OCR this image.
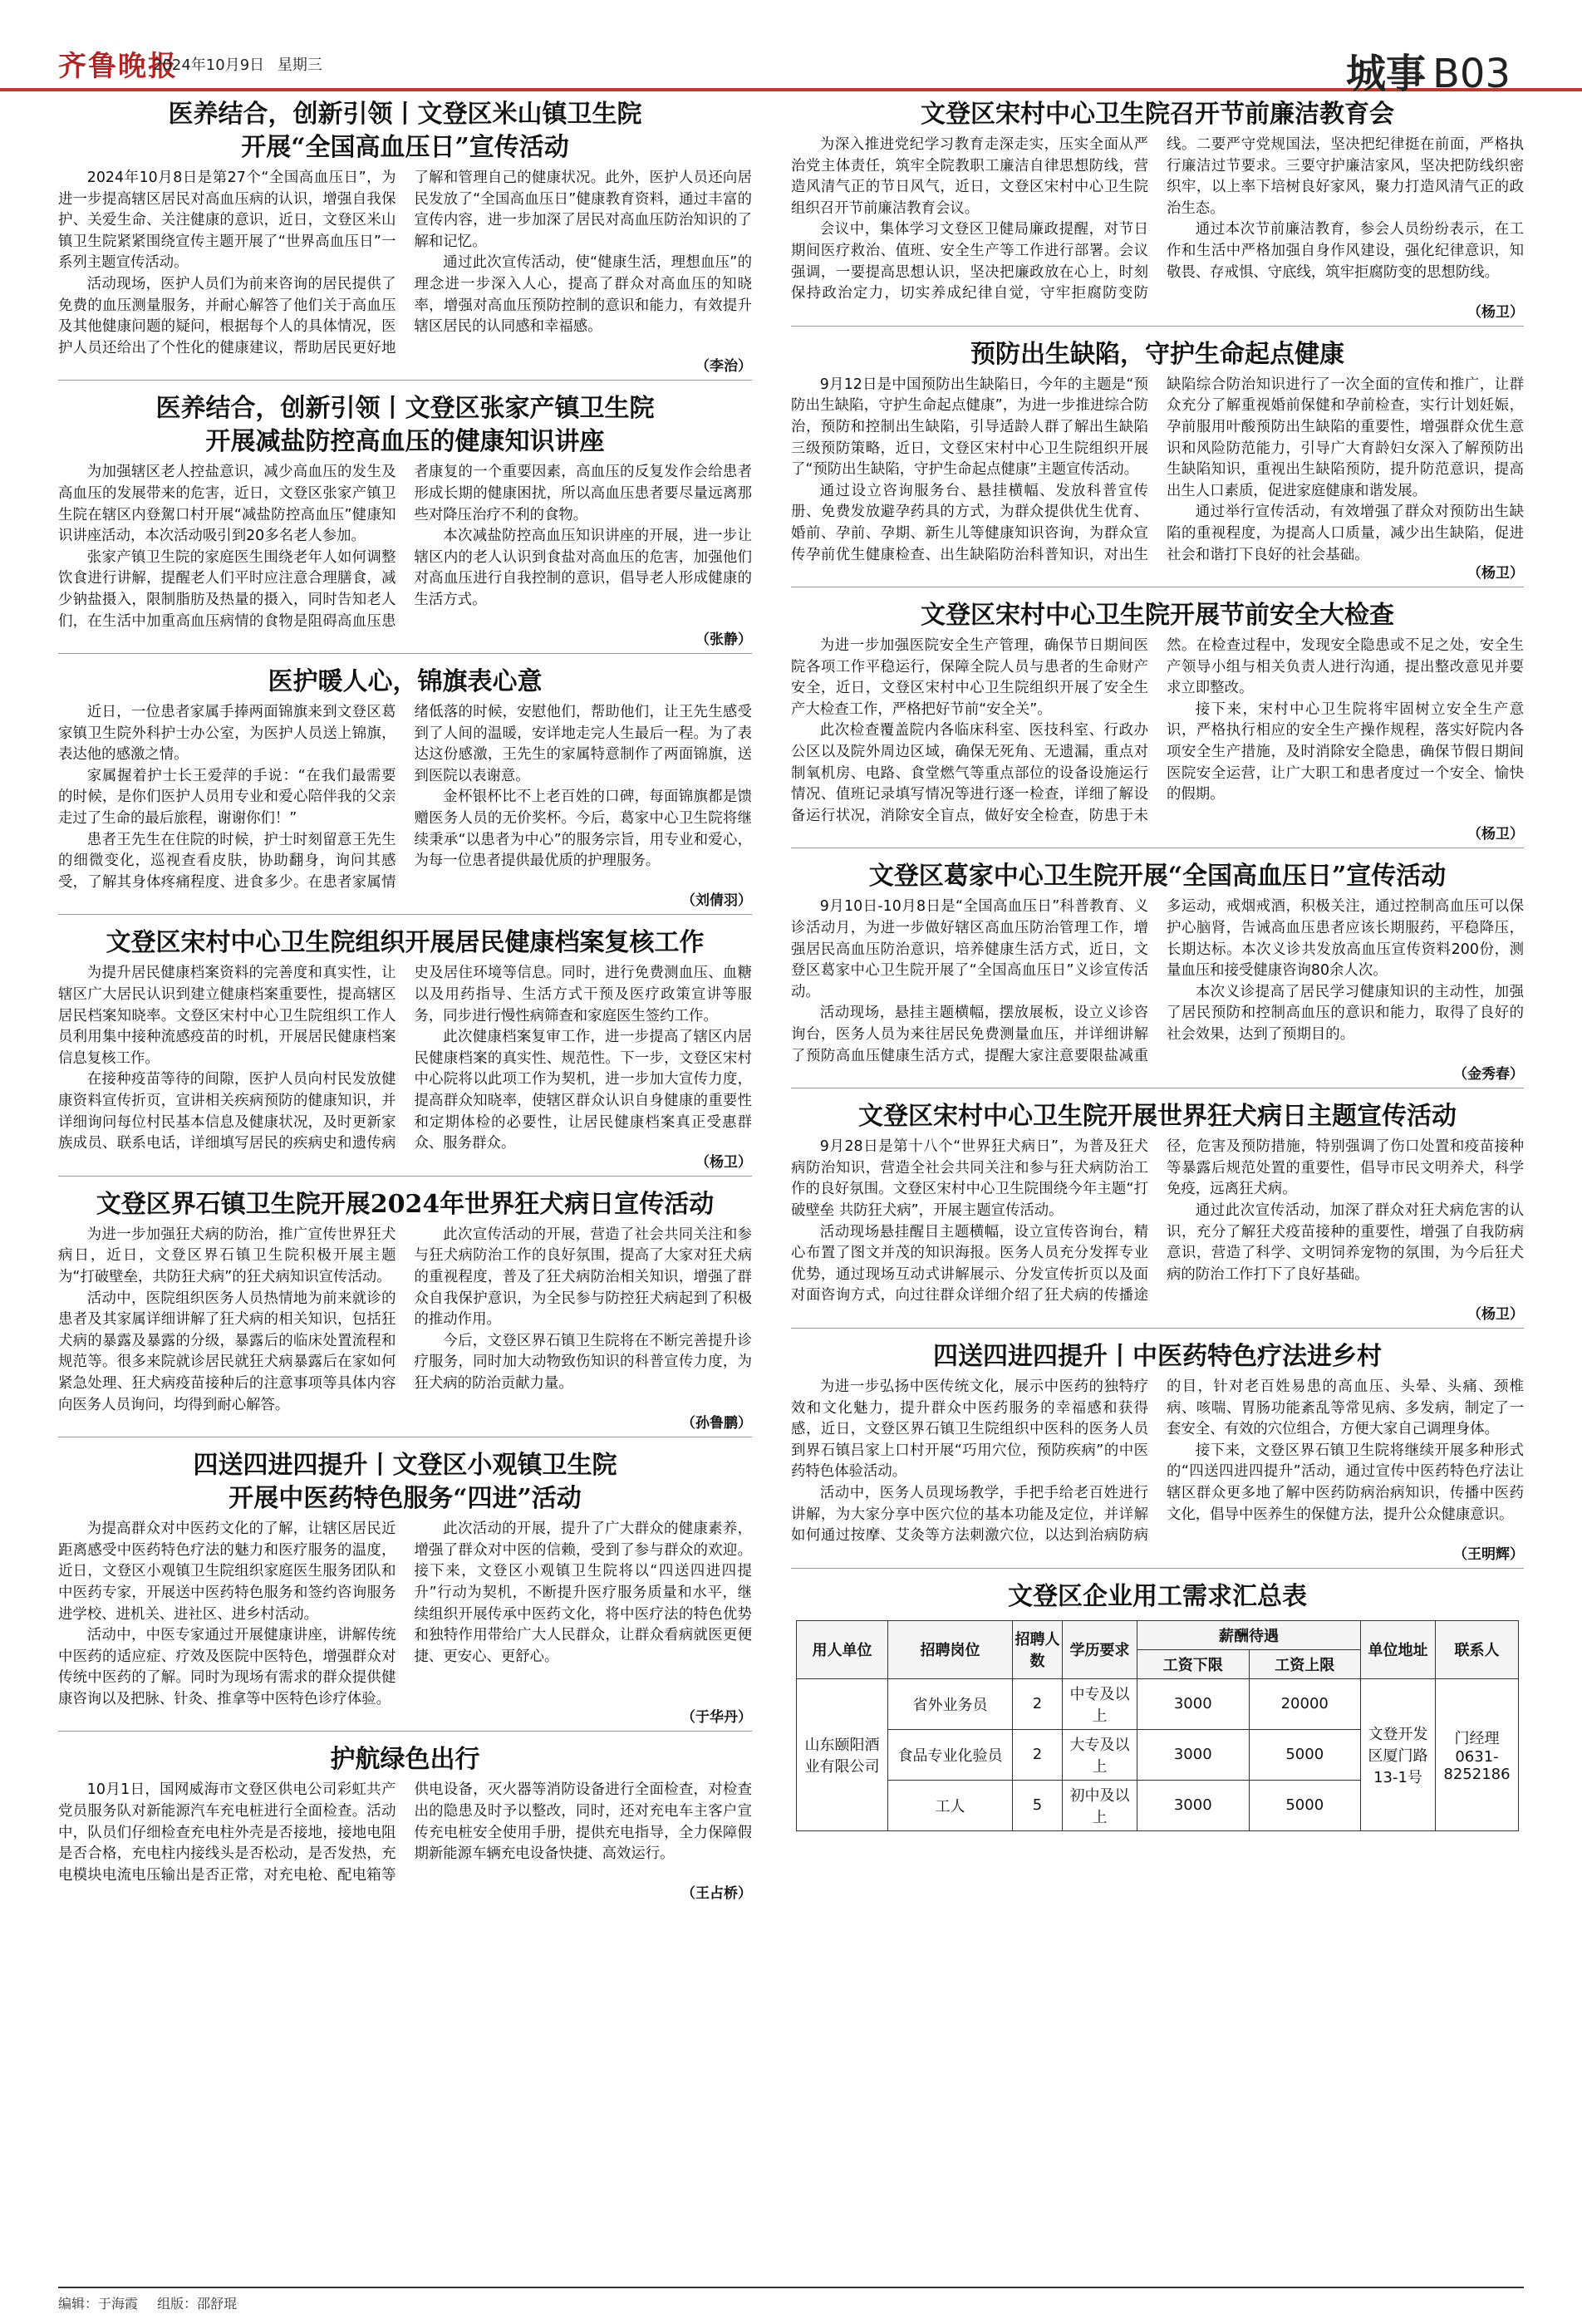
齐鲁晚报
2024年10月9日 星期三	城事 B03
医养结合，创新引领丨文登区米山镇卫生院
开展“全国高血压日”宣传活动

2024年10月8日是第27个“全国高血压日”，为进一步提高辖区居民对高血压病的认识，增强自我保护、关爱生命、关注健康的意识，近日，文登区米山镇卫生院紧紧围绕宣传主题开展了“世界高血压日”一系列主题宣传活动。

活动现场，医护人员们为前来咨询的居民提供了免费的血压测量服务，并耐心解答了他们关于高血压及其他健康问题的疑问，根据每个人的具体情况，医护人员还给出了个性化的健康建议，帮助居民更好地了解和管理自己的健康状况。此外，医护人员还向居民发放了“全国高血压日”健康教育资料，通过丰富的宣传内容，进一步加深了居民对高血压防治知识的了解和记忆。

通过此次宣传活动，使“健康生活，理想血压”的理念进一步深入人心，提高了群众对高血压的知晓率，增强对高血压预防控制的意识和能力，有效提升辖区居民的认同感和幸福感。

（李治）
医养结合，创新引领丨文登区张家产镇卫生院
开展减盐防控高血压的健康知识讲座

为加强辖区老人控盐意识，减少高血压的发生及高血压的发展带来的危害，近日，文登区张家产镇卫生院在辖区内登駕口村开展“减盐防控高血压”健康知识讲座活动，本次活动吸引到20多名老人参加。

张家产镇卫生院的家庭医生围绕老年人如何调整饮食进行讲解，提醒老人们平时应注意合理膳食，减少钠盐摄入，限制脂肪及热量的摄入，同时告知老人们，在生活中加重高血压病情的食物是阻碍高血压患者康复的一个重要因素，高血压的反复发作会给患者形成长期的健康困扰，所以高血压患者要尽量远离那些对降压治疗不利的食物。

本次减盐防控高血压知识讲座的开展，进一步让辖区内的老人认识到食盐对高血压的危害，加强他们对高血压进行自我控制的意识，倡导老人形成健康的生活方式。

（张静）
医护暖人心，锦旗表心意

近日，一位患者家属手捧两面锦旗来到文登区葛家镇卫生院外科护士办公室，为医护人员送上锦旗，表达他的感激之情。

家属握着护士长王爱萍的手说：“在我们最需要的时候，是你们医护人员用专业和爱心陪伴我的父亲走过了生命的最后旅程，谢谢你们！”

患者王先生在住院的时候，护士时刻留意王先生的细微变化，巡视查看皮肤，协助翻身，询问其感受，了解其身体疼痛程度、进食多少。在患者家属情绪低落的时候，安慰他们，帮助他们，让王先生感受到了人间的温暖，安详地走完人生最后一程。为了表达这份感激，王先生的家属特意制作了两面锦旗，送到医院以表谢意。

金杯银杯比不上老百姓的口碑，每面锦旗都是馈赠医务人员的无价奖杯。今后，葛家中心卫生院将继续秉承“以患者为中心”的服务宗旨，用专业和爱心，为每一位患者提供最优质的护理服务。

（刘倩羽）
文登区宋村中心卫生院组织开展居民健康档案复核工作

为提升居民健康档案资料的完善度和真实性，让辖区广大居民认识到建立健康档案重要性，提高辖区居民档案知晓率。文登区宋村中心卫生院组织工作人员利用集中接种流感疫苗的时机，开展居民健康档案信息复核工作。

在接种疫苗等待的间隙，医护人员向村民发放健康资料宣传折页，宣讲相关疾病预防的健康知识，并详细询问每位村民基本信息及健康状况，及时更新家族成员、联系电话，详细填写居民的疾病史和遗传病史及居住环境等信息。同时，进行免费测血压、血糖以及用药指导、生活方式干预及医疗政策宣讲等服务，同步进行慢性病筛查和家庭医生签约工作。

此次健康档案复审工作，进一步提高了辖区内居民健康档案的真实性、规范性。下一步，文登区宋村中心院将以此项工作为契机，进一步加大宣传力度，提高群众知晓率，使辖区群众认识自身健康的重要性和定期体检的必要性，让居民健康档案真正受惠群众、服务群众。

（杨卫）
文登区界石镇卫生院开展2024年世界狂犬病日宣传活动

为进一步加强狂犬病的防治，推广宣传世界狂犬病日，近日，文登区界石镇卫生院积极开展主题为“打破壁垒，共防狂犬病”的狂犬病知识宣传活动。

活动中，医院组织医务人员热情地为前来就诊的患者及其家属详细讲解了狂犬病的相关知识，包括狂犬病的暴露及暴露的分级，暴露后的临床处置流程和规范等。很多来院就诊居民就狂犬病暴露后在家如何紧急处理、狂犬病疫苗接种后的注意事项等具体内容向医务人员询问，均得到耐心解答。

此次宣传活动的开展，营造了社会共同关注和参与狂犬病防治工作的良好氛围，提高了大家对狂犬病的重视程度，普及了狂犬病防治相关知识，增强了群众自我保护意识，为全民参与防控狂犬病起到了积极的推动作用。

今后，文登区界石镇卫生院将在不断完善提升诊疗服务，同时加大动物致伤知识的科普宣传力度，为狂犬病的防治贡献力量。

（孙鲁鹏）
四送四进四提升丨文登区小观镇卫生院
开展中医药特色服务“四进”活动

为提高群众对中医药文化的了解，让辖区居民近距离感受中医药特色疗法的魅力和医疗服务的温度，近日，文登区小观镇卫生院组织家庭医生服务团队和中医药专家，开展送中医药特色服务和签约咨询服务进学校、进机关、进社区、进乡村活动。

活动中，中医专家通过开展健康讲座，讲解传统中医药的适应症、疗效及医院中医特色，增强群众对传统中医药的了解。同时为现场有需求的群众提供健康咨询以及把脉、针灸、推拿等中医特色诊疗体验。

此次活动的开展，提升了广大群众的健康素养，增强了群众对中医的信赖，受到了参与群众的欢迎。接下来，文登区小观镇卫生院将以“四送四进四提升”行动为契机，不断提升医疗服务质量和水平，继续组织开展传承中医药文化，将中医疗法的特色优势和独特作用带给广大人民群众，让群众看病就医更便捷、更安心、更舒心。

（于华丹）
护航绿色出行

10月1日，国网威海市文登区供电公司彩虹共产党员服务队对新能源汽车充电桩进行全面检查。活动中，队员们仔细检查充电柱外壳是否接地，接地电阻是否合格，充电柱内接线头是否松动，是否发热，充电模块电流电压输出是否正常，对充电枪、配电箱等供电设备，灭火器等消防设备进行全面检查，对检查出的隐患及时予以整改，同时，还对充电车主客户宣传充电桩安全使用手册，提供充电指导，全力保障假期新能源车辆充电设备快捷、高效运行。

（王占桥）
文登区宋村中心卫生院召开节前廉洁教育会

为深入推进党纪学习教育走深走实，压实全面从严治党主体责任，筑牢全院教职工廉洁自律思想防线，营造风清气正的节日风气，近日，文登区宋村中心卫生院组织召开节前廉洁教育会议。

会议中，集体学习文登区卫健局廉政提醒，对节日期间医疗救治、值班、安全生产等工作进行部署。会议强调，一要提高思想认识，坚决把廉政放在心上，时刻保持政治定力，切实养成纪律自觉，守牢拒腐防变防线。二要严守党规国法，坚决把纪律挺在前面，严格执行廉洁过节要求。三要守护廉洁家风，坚决把防线织密织牢，以上率下培树良好家风，聚力打造风清气正的政治生态。

通过本次节前廉洁教育，参会人员纷纷表示，在工作和生活中严格加强自身作风建设，强化纪律意识，知敬畏、存戒惧、守底线，筑牢拒腐防变的思想防线。

（杨卫）
预防出生缺陷，守护生命起点健康

9月12日是中国预防出生缺陷日，今年的主题是“预防出生缺陷，守护生命起点健康”，为进一步推进综合防治，预防和控制出生缺陷，引导适龄人群了解出生缺陷三级预防策略，近日，文登区宋村中心卫生院组织开展了“预防出生缺陷，守护生命起点健康”主题宣传活动。

通过设立咨询服务台、悬挂横幅、发放科普宣传册、免费发放避孕药具的方式，为群众提供优生优育、婚前、孕前、孕期、新生儿等健康知识咨询，为群众宣传孕前优生健康检查、出生缺陷防治科普知识，对出生缺陷综合防治知识进行了一次全面的宣传和推广，让群众充分了解重视婚前保健和孕前检查，实行计划妊娠，孕前服用叶酸预防出生缺陷的重要性，增强群众优生意识和风险防范能力，引导广大育龄妇女深入了解预防出生缺陷知识，重视出生缺陷预防，提升防范意识，提高出生人口素质，促进家庭健康和谐发展。

通过举行宣传活动，有效增强了群众对预防出生缺陷的重视程度，为提高人口质量，减少出生缺陷，促进社会和谐打下良好的社会基础。

（杨卫）
文登区宋村中心卫生院开展节前安全大检查

为进一步加强医院安全生产管理，确保节日期间医院各项工作平稳运行，保障全院人员与患者的生命财产安全，近日，文登区宋村中心卫生院组织开展了安全生产大检查工作，严格把好节前“安全关”。

此次检查覆盖院内各临床科室、医技科室、行政办公区以及院外周边区域，确保无死角、无遗漏，重点对制氧机房、电路、食堂燃气等重点部位的设备设施运行情况、值班记录填写情况等进行逐一检查，详细了解设备运行状况，消除安全盲点，做好安全检查，防患于未然。在检查过程中，发现安全隐患或不足之处，安全生产领导小组与相关负责人进行沟通，提出整改意见并要求立即整改。

接下来，宋村中心卫生院将牢固树立安全生产意识，严格执行相应的安全生产操作规程，落实好院内各项安全生产措施，及时消除安全隐患，确保节假日期间医院安全运营，让广大职工和患者度过一个安全、愉快的假期。

（杨卫）
文登区葛家中心卫生院开展“全国高血压日”宣传活动

9月10日-10月8日是“全国高血压日”科普教育、义诊活动月，为进一步做好辖区高血压防治管理工作，增强居民高血压防治意识，培养健康生活方式，近日，文登区葛家中心卫生院开展了“全国高血压日”义诊宣传活动。

活动现场，悬挂主题横幅，摆放展板，设立义诊咨询台，医务人员为来往居民免费测量血压，并详细讲解了预防高血压健康生活方式，提醒大家注意要限盐减重多运动，戒烟戒酒，积极关注，通过控制高血压可以保护心脑肾，告诫高血压患者应该长期服药，平稳降压，长期达标。本次义诊共发放高血压宣传资料200份，测量血压和接受健康咨询80余人次。

本次义诊提高了居民学习健康知识的主动性，加强了居民预防和控制高血压的意识和能力，取得了良好的社会效果，达到了预期目的。

（金秀春）
文登区宋村中心卫生院开展世界狂犬病日主题宣传活动

9月28日是第十八个“世界狂犬病日”，为普及狂犬病防治知识，营造全社会共同关注和参与狂犬病防治工作的良好氛围。文登区宋村中心卫生院围绕今年主题“打破壁垒 共防狂犬病”，开展主题宣传活动。

活动现场悬挂醒目主题横幅，设立宣传咨询台，精心布置了图文并茂的知识海报。医务人员充分发挥专业优势，通过现场互动式讲解展示、分发宣传折页以及面对面咨询方式，向过往群众详细介绍了狂犬病的传播途径，危害及预防措施，特别强调了伤口处置和疫苗接种等暴露后规范处置的重要性，倡导市民文明养犬，科学免疫，远离狂犬病。

通过此次宣传活动，加深了群众对狂犬病危害的认识，充分了解狂犬疫苗接种的重要性，增强了自我防病意识，营造了科学、文明饲养宠物的氛围，为今后狂犬病的防治工作打下了良好基础。

（杨卫）
四送四进四提升丨中医药特色疗法进乡村

为进一步弘扬中医传统文化，展示中医药的独特疗效和文化魅力，提升群众中医药服务的幸福感和获得感，近日，文登区界石镇卫生院组织中医科的医务人员到界石镇吕家上口村开展“巧用穴位，预防疾病”的中医药特色体验活动。

活动中，医务人员现场教学，手把手给老百姓进行讲解，为大家分享中医穴位的基本功能及定位，并详解如何通过按摩、艾灸等方法刺激穴位，以达到治病防病的目，针对老百姓易患的高血压、头晕、头痛、颈椎病、咳喘、胃肠功能紊乱等常见病、多发病，制定了一套安全、有效的穴位组合，方便大家自己调理身体。

接下来，文登区界石镇卫生院将继续开展多种形式的“四送四进四提升”活动，通过宣传中医药特色疗法让辖区群众更多地了解中医药防病治病知识，传播中医药文化，倡导中医养生的保健方法，提升公众健康意识。

（王明辉）
文登区企业用工需求汇总表
用人单位	招聘岗位	招聘人数	学历要求	薪酬待遇		单位地址	联系人
				工资下限	工资上限		
山东颐阳酒业有限公司	省外业务员	2	中专及以上	3000	20000	文登开发区厦门路13-1号	门经理0631-8252186
	食品专业化验员	2	大专及以上	3000	5000		
	工人	5	初中及以上	3000	5000		
编辑：于海霞 组版：邵舒琨
